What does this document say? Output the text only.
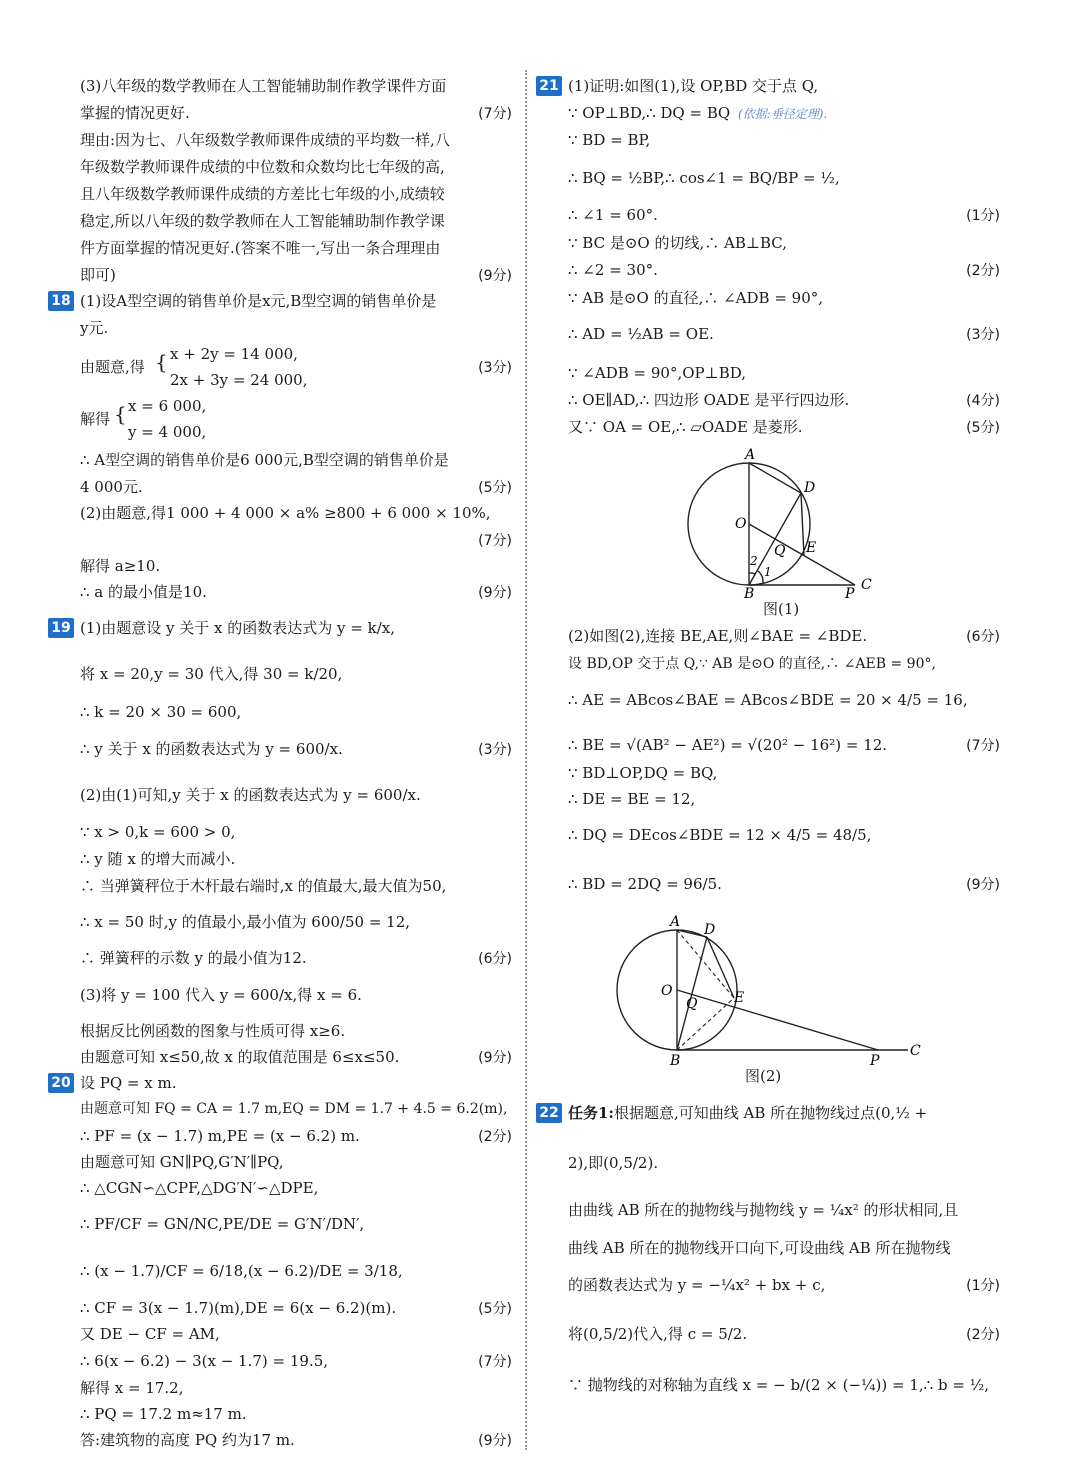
(3)八年级的数学教师在人工智能辅助制作教学课件方面
掌握的情况更好.	(7分)
理由:因为七、八年级数学教师课件成绩的平均数一样,八
年级数学教师课件成绩的中位数和众数均比七年级的高,
且八年级数学教师课件成绩的方差比七年级的小,成绩较
稳定,所以八年级的数学教师在人工智能辅助制作教学课
件方面掌握的情况更好.(答案不唯一,写出一条合理理由
即可)	(9分)
18 (1)设A型空调的销售单价是x元,B型空调的销售单价是
y元.
由题意,得 { x + 2y = 14 000,
2x + 3y = 24 000,
(3分)
解得 { x = 6 000,
y = 4 000,
∴ A型空调的销售单价是6 000元,B型空调的销售单价是
4 000元.	(5分)
(2)由题意,得1 000 + 4 000 × a% ≥800 + 6 000 × 10%,
(7分)
解得 a≥10.
∴ a 的最小值是10.	(9分)
19 (1)由题意设 y 关于 x 的函数表达式为 y = k/x,
将 x = 20,y = 30 代入,得 30 = k/20,
∴ k = 20 × 30 = 600,
∴ y 关于 x 的函数表达式为 y = 600/x.	(3分)
(2)由(1)可知,y 关于 x 的函数表达式为 y = 600/x.
∵ x > 0,k = 600 > 0,
∴ y 随 x 的增大而减小.
∴ 当弹簧秤位于木杆最右端时,x 的值最大,最大值为50,
∴ x = 50 时,y 的值最小,最小值为 600/50 = 12,
∴ 弹簧秤的示数 y 的最小值为12.	(6分)
(3)将 y = 100 代入 y = 600/x,得 x = 6.
根据反比例函数的图象与性质可得 x≥6.
由题意可知 x≤50,故 x 的取值范围是 6≤x≤50.	(9分)
20 设 PQ = x m.
由题意可知 FQ = CA = 1.7 m,EQ = DM = 1.7 + 4.5 = 6.2(m),
∴ PF = (x − 1.7) m,PE = (x − 6.2) m.	(2分)
由题意可知 GN∥PQ,G′N′∥PQ,
∴ △CGN∽△CPF,△DG′N′∽△DPE,
∴ PF/CF = GN/NC,PE/DE = G′N′/DN′,
∴ (x − 1.7)/CF = 6/18,(x − 6.2)/DE = 3/18,
∴ CF = 3(x − 1.7)(m),DE = 6(x − 6.2)(m).	(5分)
又 DE − CF = AM,
∴ 6(x − 6.2) − 3(x − 1.7) = 19.5,	(7分)
解得 x = 17.2,
∴ PQ = 17.2 m≈17 m.
答:建筑物的高度 PQ 约为17 m.	(9分)
21 (1)证明:如图(1),设 OP,BD 交于点 Q,
∵ OP⊥BD,∴ DQ = BQ (依据:垂径定理).
∵ BD = BP,
∴ BQ = ½BP,∴ cos∠1 = BQ/BP = ½,
∴ ∠1 = 60°.	(1分)
∵ BC 是⊙O 的切线,∴ AB⊥BC,
∴ ∠2 = 30°.	(2分)
∵ AB 是⊙O 的直径,∴ ∠ADB = 90°,
∴ AD = ½AB = OE.	(3分)
∵ ∠ADB = 90°,OP⊥BD,
∴ OE∥AD,∴ 四边形 OADE 是平行四边形.	(4分)
又∵ OA = OE,∴ ▱OADE 是菱形.	(5分)
A
D
O
Q E
B	P
C
1
2
图(1)
(2)如图(2),连接 BE,AE,则∠BAE = ∠BDE.	(6分)
设 BD,OP 交于点 Q,∵ AB 是⊙O 的直径,∴ ∠AEB = 90°,
∴ AE = ABcos∠BAE = ABcos∠BDE = 20 × 4/5 = 16,
∴ BE = √(AB² − AE²) = √(20² − 16²) = 12.	(7分)
∵ BD⊥OP,DQ = BQ,
∴ DE = BE = 12,
∴ DQ = DEcos∠BDE = 12 × 4/5 = 48/5,
∴ BD = 2DQ = 96/5.	(9分)
A D
O
Q	E
B	P
C
图(2)
22 任务1:根据题意,可知曲线 AB 所在抛物线过点(0,½ +
2),即(0,5/2).
由曲线 AB 所在的抛物线与抛物线 y = ¼x² 的形状相同,且
曲线 AB 所在的抛物线开口向下,可设曲线 AB 所在抛物线
的函数表达式为 y = −¼x² + bx + c,	(1分)
将(0,5/2)代入,得 c = 5/2.	(2分)
∵ 抛物线的对称轴为直线 x = − b/(2 × (−¼)) = 1,∴ b = ½,
